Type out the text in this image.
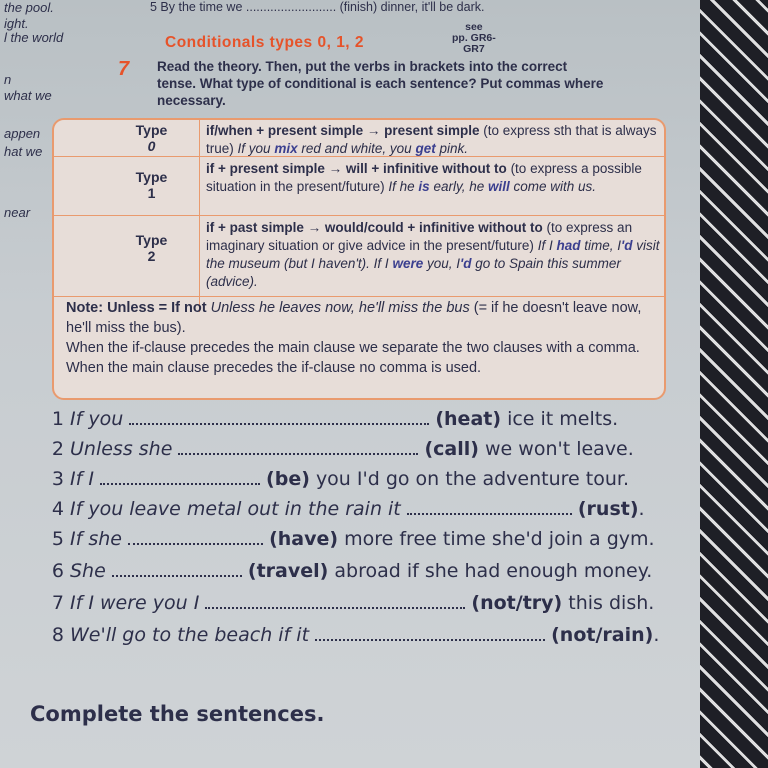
the pool.
ight.
l the world
n
what we
appen
hat we
near
5 By the time we .......................... (finish) dinner, it'll be dark.
Conditionals types 0, 1, 2
see
pp. GR6-
GR7
7 Read the theory. Then, put the verbs in brackets into the correct tense. What type of conditional is each sentence? Put commas where necessary.
Type
0
if/when + present simple → present simple (to express sth that is always true) If you mix red and white, you get pink.
Type
1
if + present simple → will + infinitive without to (to express a possible situation in the present/future) If he is early, he will come with us.
Type
2
if + past simple → would/could + infinitive without to (to express an imaginary situation or give advice in the present/future) If I had time, I'd visit the museum (but I haven't). If I were you, I'd go to Spain this summer (advice).
Note: Unless = If not Unless he leaves now, he'll miss the bus (= if he doesn't leave now, he'll miss the bus).
When the if-clause precedes the main clause we separate the two clauses with a comma. When the main clause precedes the if-clause no comma is used.
1 If you	(heat) ice it melts.
2 Unless she	(call) we won't leave.
3 If I	(be) you I'd go on the adventure tour.
4 If you leave metal out in the rain it	(rust).
5 If she	(have) more free time she'd join a gym.
6 She	(travel) abroad if she had enough money.
7 If I were you I	(not/try) this dish.
8 We'll go to the beach if it	(not/rain).
Complete the sentences.
